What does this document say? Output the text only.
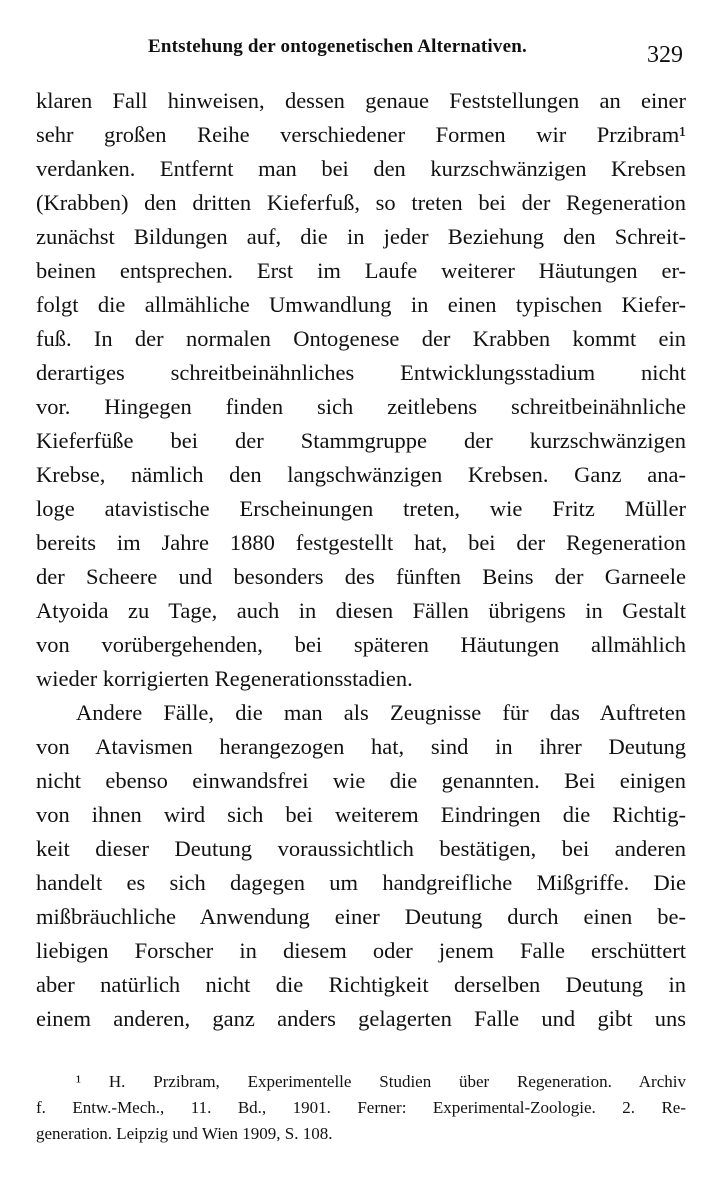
Entstehung der ontogenetischen Alternativen.	329
klaren Fall hinweisen, dessen genaue Feststellungen an einer
sehr großen Reihe verschiedener Formen wir Przibram¹
verdanken. Entfernt man bei den kurzschwänzigen Krebsen
(Krabben) den dritten Kieferfuß, so treten bei der Regeneration
zunächst Bildungen auf, die in jeder Beziehung den Schreit-
beinen entsprechen. Erst im Laufe weiterer Häutungen er-
folgt die allmähliche Umwandlung in einen typischen Kiefer-
fuß. In der normalen Ontogenese der Krabben kommt ein
derartiges schreitbeinähnliches Entwicklungsstadium nicht
vor. Hingegen finden sich zeitlebens schreitbeinähnliche
Kieferfüße bei der Stammgruppe der kurzschwänzigen
Krebse, nämlich den langschwänzigen Krebsen. Ganz ana-
loge atavistische Erscheinungen treten, wie Fritz Müller
bereits im Jahre 1880 festgestellt hat, bei der Regeneration
der Scheere und besonders des fünften Beins der Garneele
Atyoida zu Tage, auch in diesen Fällen übrigens in Gestalt
von vorübergehenden, bei späteren Häutungen allmählich
wieder korrigierten Regenerationsstadien.
Andere Fälle, die man als Zeugnisse für das Auftreten
von Atavismen herangezogen hat, sind in ihrer Deutung
nicht ebenso einwandsfrei wie die genannten. Bei einigen
von ihnen wird sich bei weiterem Eindringen die Richtig-
keit dieser Deutung voraussichtlich bestätigen, bei anderen
handelt es sich dagegen um handgreifliche Mißgriffe. Die
mißbräuchliche Anwendung einer Deutung durch einen be-
liebigen Forscher in diesem oder jenem Falle erschüttert
aber natürlich nicht die Richtigkeit derselben Deutung in
einem anderen, ganz anders gelagerten Falle und gibt uns
¹ H. Przibram, Experimentelle Studien über Regeneration. Archiv
f. Entw.-Mech., 11. Bd., 1901. Ferner: Experimental-Zoologie. 2. Re-
generation. Leipzig und Wien 1909, S. 108.
